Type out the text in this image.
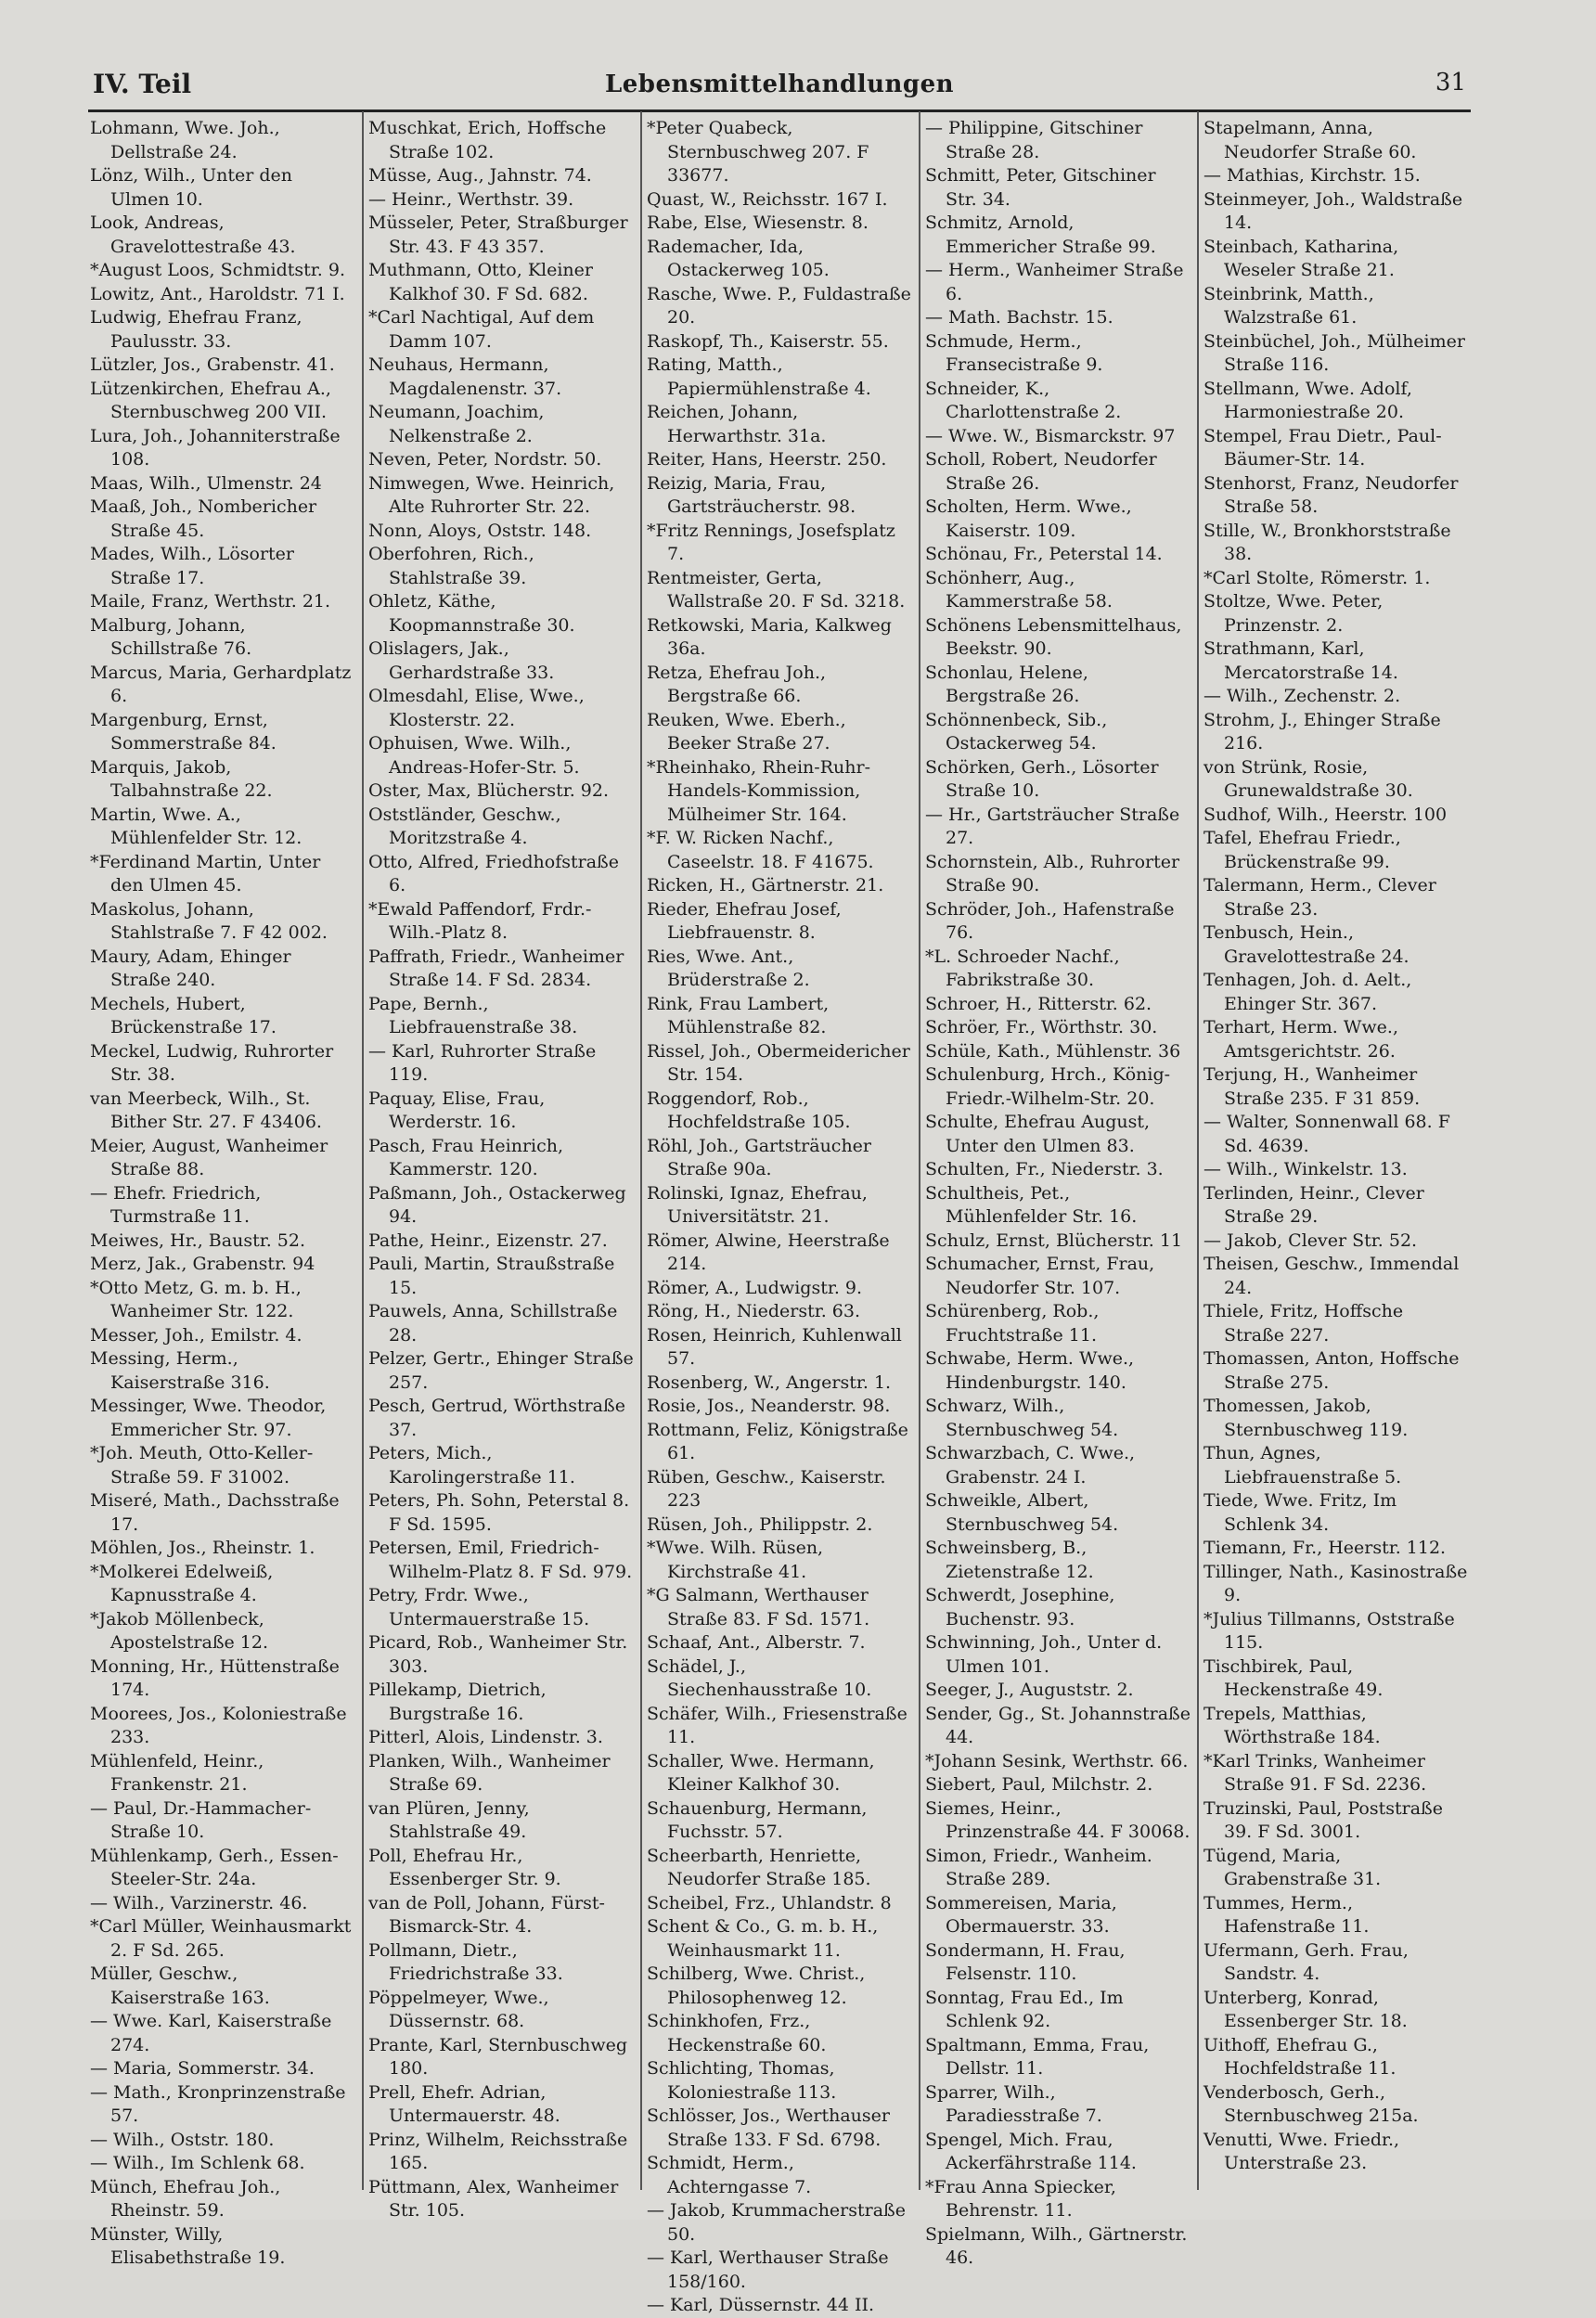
IV. Teil	Lebensmittelhandlungen	31
Lohmann, Wwe. Joh., Dellstraße 24.
Lönz, Wilh., Unter den Ulmen 10.
Look, Andreas, Gravelottestraße 43.
*August Loos, Schmidtstr. 9.
Lowitz, Ant., Haroldstr. 71 I.
Ludwig, Ehefrau Franz, Paulusstr. 33.
Lützler, Jos., Grabenstr. 41.
Lützenkirchen, Ehefrau A., Sternbuschweg 200 VII.
Lura, Joh., Johanniterstraße 108.
Maas, Wilh., Ulmenstr. 24
Maaß, Joh., Nombericher Straße 45.
Mades, Wilh., Lösorter Straße 17.
Maile, Franz, Werthstr. 21.
Malburg, Johann, Schillstraße 76.
Marcus, Maria, Gerhardplatz 6.
Margenburg, Ernst, Sommerstraße 84.
Marquis, Jakob, Talbahnstraße 22.
Martin, Wwe. A., Mühlenfelder Str. 12.
*Ferdinand Martin, Unter den Ulmen 45.
Maskolus, Johann, Stahlstraße 7. F 42 002.
Maury, Adam, Ehinger Straße 240.
Mechels, Hubert, Brückenstraße 17.
Meckel, Ludwig, Ruhrorter Str. 38.
van Meerbeck, Wilh., St. Bither Str. 27. F 43406.
Meier, August, Wanheimer Straße 88.
— Ehefr. Friedrich, Turmstraße 11.
Meiwes, Hr., Baustr. 52.
Merz, Jak., Grabenstr. 94
*Otto Metz, G. m. b. H., Wanheimer Str. 122.
Messer, Joh., Emilstr. 4.
Messing, Herm., Kaiserstraße 316.
Messinger, Wwe. Theodor, Emmericher Str. 97.
*Joh. Meuth, Otto-Keller-Straße 59. F 31002.
Miseré, Math., Dachsstraße 17.
Möhlen, Jos., Rheinstr. 1.
*Molkerei Edelweiß, Kapnusstraße 4.
*Jakob Möllenbeck, Apostelstraße 12.
Monning, Hr., Hüttenstraße 174.
Moorees, Jos., Koloniestraße 233.
Mühlenfeld, Heinr., Frankenstr. 21.
— Paul, Dr.-Hammacher-Straße 10.
Mühlenkamp, Gerh., Essen-Steeler-Str. 24a.
— Wilh., Varzinerstr. 46.
*Carl Müller, Weinhausmarkt 2. F Sd. 265.
Müller, Geschw., Kaiserstraße 163.
— Wwe. Karl, Kaiserstraße 274.
— Maria, Sommerstr. 34.
— Math., Kronprinzenstraße 57.
— Wilh., Oststr. 180.
— Wilh., Im Schlenk 68.
Münch, Ehefrau Joh., Rheinstr. 59.
Münster, Willy, Elisabethstraße 19.
Muschkat, Erich, Hoffsche Straße 102.
Müsse, Aug., Jahnstr. 74.
— Heinr., Werthstr. 39.
Müsseler, Peter, Straßburger Str. 43. F 43 357.
Muthmann, Otto, Kleiner Kalkhof 30. F Sd. 682.
*Carl Nachtigal, Auf dem Damm 107.
Neuhaus, Hermann, Magdalenenstr. 37.
Neumann, Joachim, Nelkenstraße 2.
Neven, Peter, Nordstr. 50.
Nimwegen, Wwe. Heinrich, Alte Ruhrorter Str. 22.
Nonn, Aloys, Oststr. 148.
Oberfohren, Rich., Stahlstraße 39.
Ohletz, Käthe, Koopmannstraße 30.
Olislagers, Jak., Gerhardstraße 33.
Olmesdahl, Elise, Wwe., Klosterstr. 22.
Ophuisen, Wwe. Wilh., Andreas-Hofer-Str. 5.
Oster, Max, Blücherstr. 92.
Oststländer, Geschw., Moritzstraße 4.
Otto, Alfred, Friedhofstraße 6.
*Ewald Paffendorf, Frdr.-Wilh.-Platz 8.
Paffrath, Friedr., Wanheimer Straße 14. F Sd. 2834.
Pape, Bernh., Liebfrauenstraße 38.
— Karl, Ruhrorter Straße 119.
Paquay, Elise, Frau, Werderstr. 16.
Pasch, Frau Heinrich, Kammerstr. 120.
Paßmann, Joh., Ostackerweg 94.
Pathe, Heinr., Eizenstr. 27.
Pauli, Martin, Straußstraße 15.
Pauwels, Anna, Schillstraße 28.
Pelzer, Gertr., Ehinger Straße 257.
Pesch, Gertrud, Wörthstraße 37.
Peters, Mich., Karolingerstraße 11.
Peters, Ph. Sohn, Peterstal 8. F Sd. 1595.
Petersen, Emil, Friedrich-Wilhelm-Platz 8. F Sd. 979.
Petry, Frdr. Wwe., Untermauerstraße 15.
Picard, Rob., Wanheimer Str. 303.
Pillekamp, Dietrich, Burgstraße 16.
Pitterl, Alois, Lindenstr. 3.
Planken, Wilh., Wanheimer Straße 69.
van Plüren, Jenny, Stahlstraße 49.
Poll, Ehefrau Hr., Essenberger Str. 9.
van de Poll, Johann, Fürst-Bismarck-Str. 4.
Pollmann, Dietr., Friedrichstraße 33.
Pöppelmeyer, Wwe., Düssernstr. 68.
Prante, Karl, Sternbuschweg 180.
Prell, Ehefr. Adrian, Untermauerstr. 48.
Prinz, Wilhelm, Reichsstraße 165.
Püttmann, Alex, Wanheimer Str. 105.
*Peter Quabeck, Sternbuschweg 207. F 33677.
Quast, W., Reichsstr. 167 I.
Rabe, Else, Wiesenstr. 8.
Rademacher, Ida, Ostackerweg 105.
Rasche, Wwe. P., Fuldastraße 20.
Raskopf, Th., Kaiserstr. 55.
Rating, Matth., Papiermühlenstraße 4.
Reichen, Johann, Herwarthstr. 31a.
Reiter, Hans, Heerstr. 250.
Reizig, Maria, Frau, Gartsträucherstr. 98.
*Fritz Rennings, Josefsplatz 7.
Rentmeister, Gerta, Wallstraße 20. F Sd. 3218.
Retkowski, Maria, Kalkweg 36a.
Retza, Ehefrau Joh., Bergstraße 66.
Reuken, Wwe. Eberh., Beeker Straße 27.
*Rheinhako, Rhein-Ruhr-Handels-Kommission, Mülheimer Str. 164.
*F. W. Ricken Nachf., Caseelstr. 18. F 41675.
Ricken, H., Gärtnerstr. 21.
Rieder, Ehefrau Josef, Liebfrauenstr. 8.
Ries, Wwe. Ant., Brüderstraße 2.
Rink, Frau Lambert, Mühlenstraße 82.
Rissel, Joh., Obermeidericher Str. 154.
Roggendorf, Rob., Hochfeldstraße 105.
Röhl, Joh., Gartsträucher Straße 90a.
Rolinski, Ignaz, Ehefrau, Universitätstr. 21.
Römer, Alwine, Heerstraße 214.
Römer, A., Ludwigstr. 9.
Röng, H., Niederstr. 63.
Rosen, Heinrich, Kuhlenwall 57.
Rosenberg, W., Angerstr. 1.
Rosie, Jos., Neanderstr. 98.
Rottmann, Feliz, Königstraße 61.
Rüben, Geschw., Kaiserstr. 223
Rüsen, Joh., Philippstr. 2.
*Wwe. Wilh. Rüsen, Kirchstraße 41.
*G Salmann, Werthauser Straße 83. F Sd. 1571.
Schaaf, Ant., Alberstr. 7.
Schädel, J., Siechenhausstraße 10.
Schäfer, Wilh., Friesenstraße 11.
Schaller, Wwe. Hermann, Kleiner Kalkhof 30.
Schauenburg, Hermann, Fuchsstr. 57.
Scheerbarth, Henriette, Neudorfer Straße 185.
Scheibel, Frz., Uhlandstr. 8
Schent & Co., G. m. b. H., Weinhausmarkt 11.
Schilberg, Wwe. Christ., Philosophenweg 12.
Schinkhofen, Frz., Heckenstraße 60.
Schlichting, Thomas, Koloniestraße 113.
Schlösser, Jos., Werthauser Straße 133. F Sd. 6798.
Schmidt, Herm., Achterngasse 7.
— Jakob, Krummacherstraße 50.
— Karl, Werthauser Straße 158/160.
— Karl, Düssernstr. 44 II.
— Philippine, Gitschiner Straße 28.
Schmitt, Peter, Gitschiner Str. 34.
Schmitz, Arnold, Emmericher Straße 99.
— Herm., Wanheimer Straße 6.
— Math. Bachstr. 15.
Schmude, Herm., Fransecistraße 9.
Schneider, K., Charlottenstraße 2.
— Wwe. W., Bismarckstr. 97
Scholl, Robert, Neudorfer Straße 26.
Scholten, Herm. Wwe., Kaiserstr. 109.
Schönau, Fr., Peterstal 14.
Schönherr, Aug., Kammerstraße 58.
Schönens Lebensmittelhaus, Beekstr. 90.
Schonlau, Helene, Bergstraße 26.
Schönnenbeck, Sib., Ostackerweg 54.
Schörken, Gerh., Lösorter Straße 10.
— Hr., Gartsträucher Straße 27.
Schornstein, Alb., Ruhrorter Straße 90.
Schröder, Joh., Hafenstraße 76.
*L. Schroeder Nachf., Fabrikstraße 30.
Schroer, H., Ritterstr. 62.
Schröer, Fr., Wörthstr. 30.
Schüle, Kath., Mühlenstr. 36
Schulenburg, Hrch., König-Friedr.-Wilhelm-Str. 20.
Schulte, Ehefrau August, Unter den Ulmen 83.
Schulten, Fr., Niederstr. 3.
Schultheis, Pet., Mühlenfelder Str. 16.
Schulz, Ernst, Blücherstr. 11
Schumacher, Ernst, Frau, Neudorfer Str. 107.
Schürenberg, Rob., Fruchtstraße 11.
Schwabe, Herm. Wwe., Hindenburgstr. 140.
Schwarz, Wilh., Sternbuschweg 54.
Schwarzbach, C. Wwe., Grabenstr. 24 I.
Schweikle, Albert, Sternbuschweg 54.
Schweinsberg, B., Zietenstraße 12.
Schwerdt, Josephine, Buchenstr. 93.
Schwinning, Joh., Unter d. Ulmen 101.
Seeger, J., Auguststr. 2.
Sender, Gg., St. Johannstraße 44.
*Johann Sesink, Werthstr. 66.
Siebert, Paul, Milchstr. 2.
Siemes, Heinr., Prinzenstraße 44. F 30068.
Simon, Friedr., Wanheim. Straße 289.
Sommereisen, Maria, Obermauerstr. 33.
Sondermann, H. Frau, Felsenstr. 110.
Sonntag, Frau Ed., Im Schlenk 92.
Spaltmann, Emma, Frau, Dellstr. 11.
Sparrer, Wilh., Paradiesstraße 7.
Spengel, Mich. Frau, Ackerfährstraße 114.
*Frau Anna Spiecker, Behrenstr. 11.
Spielmann, Wilh., Gärtnerstr. 46.
Stapelmann, Anna, Neudorfer Straße 60.
— Mathias, Kirchstr. 15.
Steinmeyer, Joh., Waldstraße 14.
Steinbach, Katharina, Weseler Straße 21.
Steinbrink, Matth., Walzstraße 61.
Steinbüchel, Joh., Mülheimer Straße 116.
Stellmann, Wwe. Adolf, Harmoniestraße 20.
Stempel, Frau Dietr., Paul-Bäumer-Str. 14.
Stenhorst, Franz, Neudorfer Straße 58.
Stille, W., Bronkhorststraße 38.
*Carl Stolte, Römerstr. 1.
Stoltze, Wwe. Peter, Prinzenstr. 2.
Strathmann, Karl, Mercatorstraße 14.
— Wilh., Zechenstr. 2.
Strohm, J., Ehinger Straße 216.
von Strünk, Rosie, Grunewaldstraße 30.
Sudhof, Wilh., Heerstr. 100
Tafel, Ehefrau Friedr., Brückenstraße 99.
Talermann, Herm., Clever Straße 23.
Tenbusch, Hein., Gravelottestraße 24.
Tenhagen, Joh. d. Aelt., Ehinger Str. 367.
Terhart, Herm. Wwe., Amtsgerichtstr. 26.
Terjung, H., Wanheimer Straße 235. F 31 859.
— Walter, Sonnenwall 68. F Sd. 4639.
— Wilh., Winkelstr. 13.
Terlinden, Heinr., Clever Straße 29.
— Jakob, Clever Str. 52.
Theisen, Geschw., Immendal 24.
Thiele, Fritz, Hoffsche Straße 227.
Thomassen, Anton, Hoffsche Straße 275.
Thomessen, Jakob, Sternbuschweg 119.
Thun, Agnes, Liebfrauenstraße 5.
Tiede, Wwe. Fritz, Im Schlenk 34.
Tiemann, Fr., Heerstr. 112.
Tillinger, Nath., Kasinostraße 9.
*Julius Tillmanns, Oststraße 115.
Tischbirek, Paul, Heckenstraße 49.
Trepels, Matthias, Wörthstraße 184.
*Karl Trinks, Wanheimer Straße 91. F Sd. 2236.
Truzinski, Paul, Poststraße 39. F Sd. 3001.
Tügend, Maria, Grabenstraße 31.
Tummes, Herm., Hafenstraße 11.
Ufermann, Gerh. Frau, Sandstr. 4.
Unterberg, Konrad, Essenberger Str. 18.
Uithoff, Ehefrau G., Hochfeldstraße 11.
Venderbosch, Gerh., Sternbuschweg 215a.
Venutti, Wwe. Friedr., Unterstraße 23.
